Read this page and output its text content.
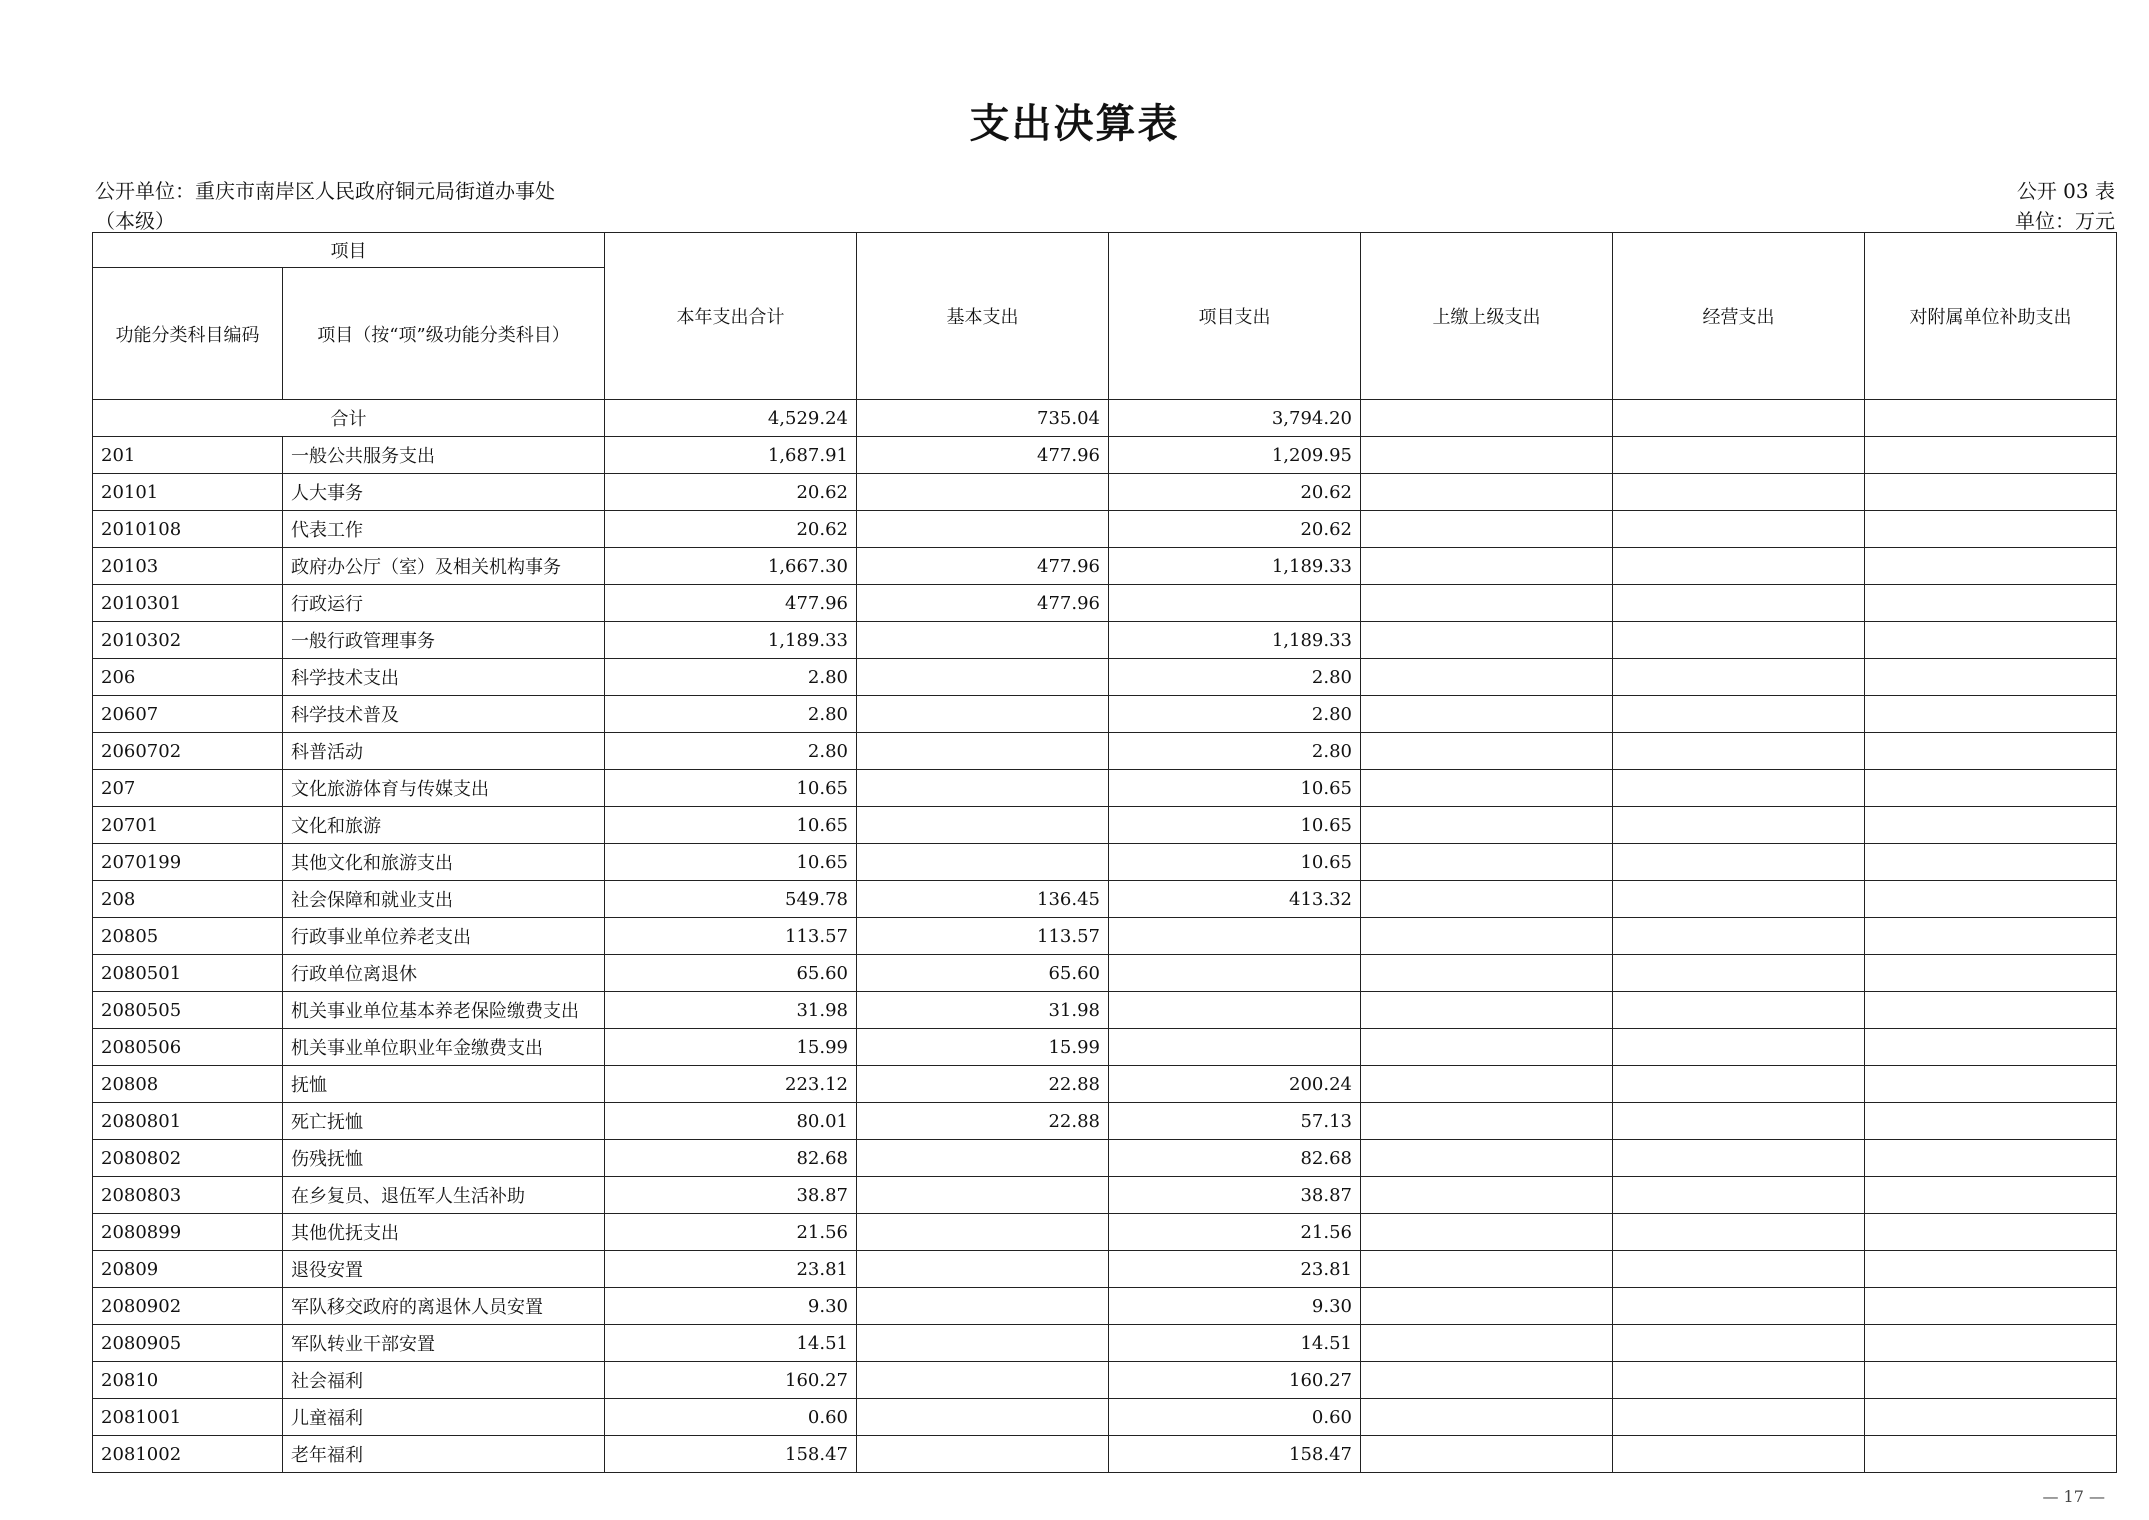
支出决算表
公开单位：重庆市南岸区人民政府铜元局街道办事处
（本级）
公开 03 表
单位：万元
项目		本年支出合计	基本支出	项目支出	上缴上级支出	经营支出	对附属单位补助支出
功能分类科目编码	项目（按“项”级功能分类科目）						
合计		4,529.24	735.04	3,794.20			
201	一般公共服务支出	1,687.91	477.96	1,209.95			
20101	人大事务	20.62		20.62			
2010108	代表工作	20.62		20.62			
20103	政府办公厅（室）及相关机构事务	1,667.30	477.96	1,189.33			
2010301	行政运行	477.96	477.96				
2010302	一般行政管理事务	1,189.33		1,189.33			
206	科学技术支出	2.80		2.80			
20607	科学技术普及	2.80		2.80			
2060702	科普活动	2.80		2.80			
207	文化旅游体育与传媒支出	10.65		10.65			
20701	文化和旅游	10.65		10.65			
2070199	其他文化和旅游支出	10.65		10.65			
208	社会保障和就业支出	549.78	136.45	413.32			
20805	行政事业单位养老支出	113.57	113.57				
2080501	行政单位离退休	65.60	65.60				
2080505	机关事业单位基本养老保险缴费支出	31.98	31.98				
2080506	机关事业单位职业年金缴费支出	15.99	15.99				
20808	抚恤	223.12	22.88	200.24			
2080801	死亡抚恤	80.01	22.88	57.13			
2080802	伤残抚恤	82.68		82.68			
2080803	在乡复员、退伍军人生活补助	38.87		38.87			
2080899	其他优抚支出	21.56		21.56			
20809	退役安置	23.81		23.81			
2080902	军队移交政府的离退休人员安置	9.30		9.30			
2080905	军队转业干部安置	14.51		14.51			
20810	社会福利	160.27		160.27			
2081001	儿童福利	0.60		0.60			
2081002	老年福利	158.47		158.47			
— 17 —
